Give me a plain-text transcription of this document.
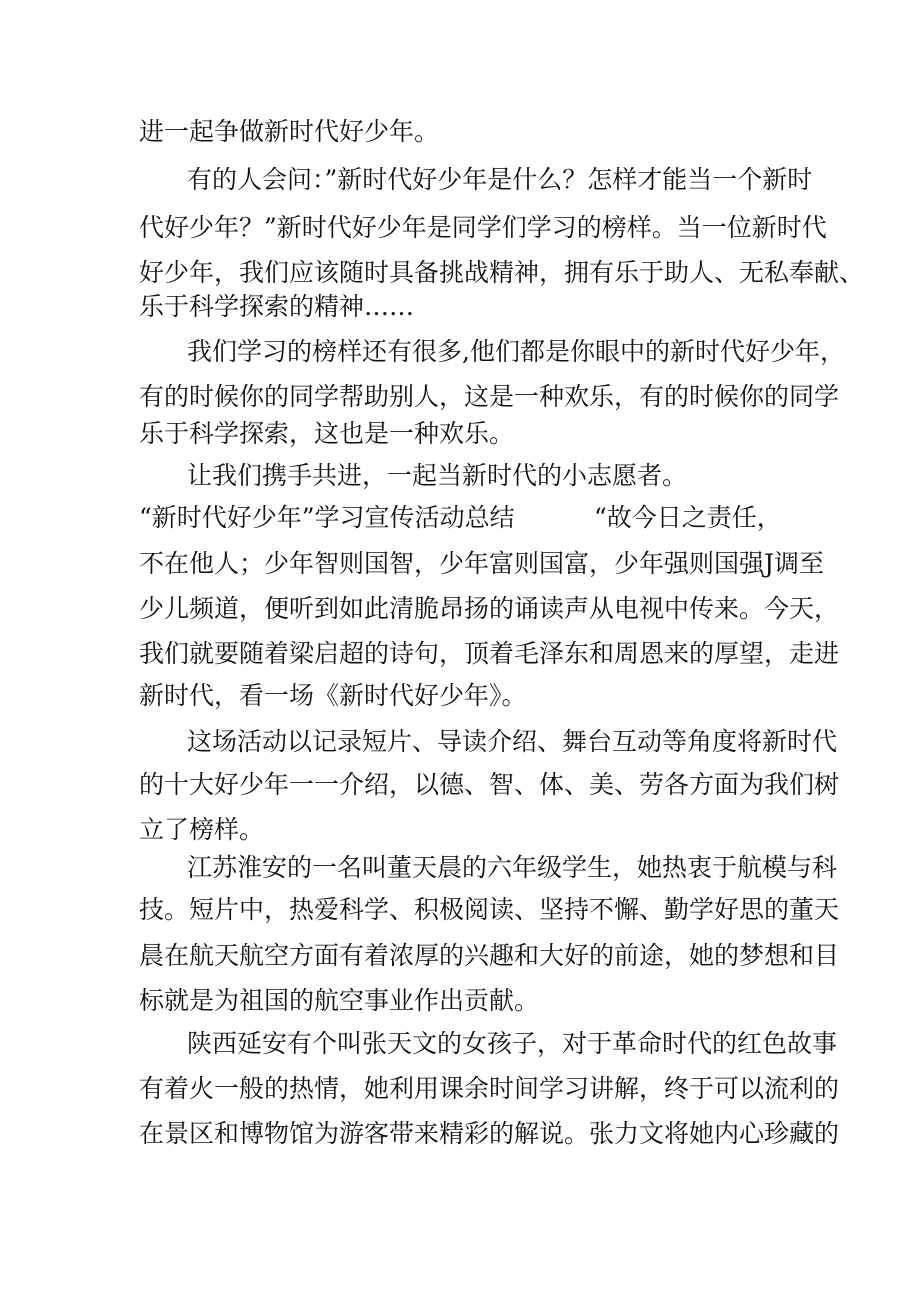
进一起争做新时代好少年。
有的人会问：”新时代好少年是什么？怎样才能当一个新时
代好少年？”新时代好少年是同学们学习的榜样。当一位新时代
好少年，我们应该随时具备挑战精神，拥有乐于助人、无私奉献、
乐于科学探索的精神……
我们学习的榜样还有很多,他们都是你眼中的新时代好少年，
有的时候你的同学帮助别人，这是一种欢乐，有的时候你的同学
乐于科学探索，这也是一种欢乐。
让我们携手共进，一起当新时代的小志愿者。
“新时代好少年”学习宣传活动总结          “故今日之责任，
不在他人；少年智则国智，少年富则国富，少年强则国强J调至
少儿频道，便听到如此清脆昂扬的诵读声从电视中传来。今天，
我们就要随着梁启超的诗句，顶着毛泽东和周恩来的厚望，走进
新时代，看一场《新时代好少年》。
这场活动以记录短片、导读介绍、舞台互动等角度将新时代
的十大好少年一一介绍，以德、智、体、美、劳各方面为我们树
立了榜样。
江苏淮安的一名叫董天晨的六年级学生，她热衷于航模与科
技。短片中，热爱科学、积极阅读、坚持不懈、勤学好思的董天
晨在航天航空方面有着浓厚的兴趣和大好的前途，她的梦想和目
标就是为祖国的航空事业作出贡献。
陕西延安有个叫张天文的女孩子，对于革命时代的红色故事
有着火一般的热情，她利用课余时间学习讲解，终于可以流利的
在景区和博物馆为游客带来精彩的解说。张力文将她内心珍藏的
